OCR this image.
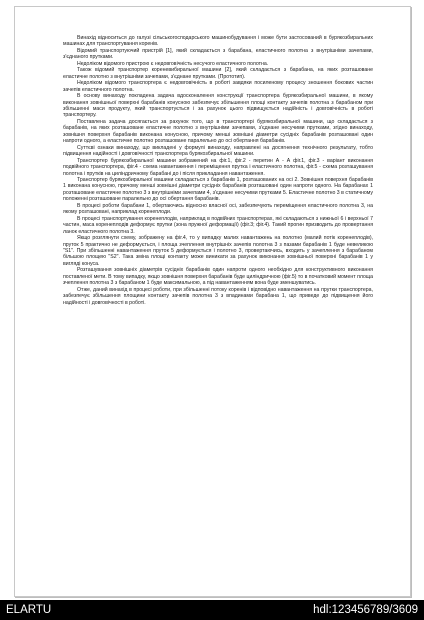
Винахід відноситься до галузі сільськогосподарського машинобудування і може бути застосований в бурякозбиральних машинах для транспортування коренів.

Відомий транспортуючий пристрій [1], який складається з барабана, еластичного полотна з внутрішніми зачепами, з'єднаного прутками.

Недоліком відомого пристрою є недовговічність несучого еластичного полотна.

Також відомий транспортер кореневибиральної машини [2], який складається з барабана, на яких розташоване еластичне полотно з внутрішніми зачепами, з'єднане прутками. (Прототип).

Недоліком відомого транспортера є недовговічність в роботі завдяки посиленому процесу зношення бокових частин зачепів еластичного полотна.

В основу винаходу покладена задача вдосконалення конструкції транспортера бурякозбиральної машини, в якому виконання зовнішньої поверхні барабанів конусною забезпечує збільшення площі контакту зачепів полотна з барабаном при збільшенні маси продукту, який транспортується і за рахунок цього підвищується надійність і довговічність в роботі транспортеру.

Поставлена задача досягається за рахунок того, що в транспортері бурякозбиральної машини, що складається з барабанів, на яких розташоване еластичне полотно з внутрішніми зачепами, з'єднане несучими прутками, згідно винаходу, зовнішня поверхня барабанів виконана конусною, причому менші зовнішні діаметри сусідніх барабанів розташовані один напроти одного, а еластичне полотно розташоване паралельно до осі обертання барабанів.

Суттєві ознаки винаходу, що викладені у формулі винаходу, направлені на досягнення технічного результату, тобто підвищення надійності і довговічності транспортера бурякозбиральної машини.

Транспортер бурякозбиральної машини зображений на фіг.1, фіг.2 - перетин А - А фіг.1, фіг.3 - варіант виконання подвійного транспортера, фіг.4 - схема навантаження і переміщення прутка і еластичного полотна, фіг.5 - схема розташування полотна і прутків на циліндричному барабані до і після прикладання навантаження.

Транспортер бурякозбиральної машини складається з барабанів 1, розташованих на осі 2. Зовнішня поверхня барабанів 1 виконана конусною, причому менші зовнішні діаметри сусідніх барабанів розташовані один напроти одного. На барабанах 1 розташоване еластичне полотно 3 з внутрішніми зачепами 4, з'єднане несучими прутками 5. Еластичне полотно 3 в статичному положенні розташоване паралельно до осі обертання барабанів.

В процесі роботи барабани 1, обертаючись відносно власної осі, забезпечують переміщення еластичного полотна 3, на якому розташовані, наприклад коренеплоди.

В процесі транспортування коренеплодів, наприклад в подвійних транспортерах, які складаються з нижньої 6 і верхньої 7 частин, маса коренеплодів деформує прутки (зона пружної деформації) (фіг.3; фіг.4). Такий прогин призводить до провертання ланок еластичного полотна 3.

Якщо розглянути схему, зображену на фіг.4, то у випадку малих навантажень на полотно (малий потік коренеплодів), пруток 5 практично не деформується, і площа зчеплення внутрішніх зачепів полотна 3 з пазами барабанів 1 буде невеликою "S1". При збільшенні навантаження пруток 5 деформується і полотно 3, провертаючись, входить у зачеплення з барабаном більшою площею "S2". Така зміна площі контакту може виникати за рахунок виконання зовнішньої поверхні барабанів 1 у вигляді конуса.

Розташування зовнішніх діаметрів сусідніх барабанів один напроти одного необхідно для конструктивного виконання поставленої мети. В тому випадку, якщо зовнішня поверхня барабанів буде циліндричною (фіг.5) то в початковий момент площа зчеплення полотна 3 з барабаном 1 буде максимальною, а під навантаженням вона буде зменшуватись.

Отже, даний винахід в процесі роботи, при збільшенні потоку коренів і відповідно навантаження на прутки транспортера, забезпечує збільшення площини контакту зачепів полотна 3 з впадинами барабана 1, що приведе до підвищення його надійності і довговічності в роботі.

ELARTU	hdl:123456789/3609
